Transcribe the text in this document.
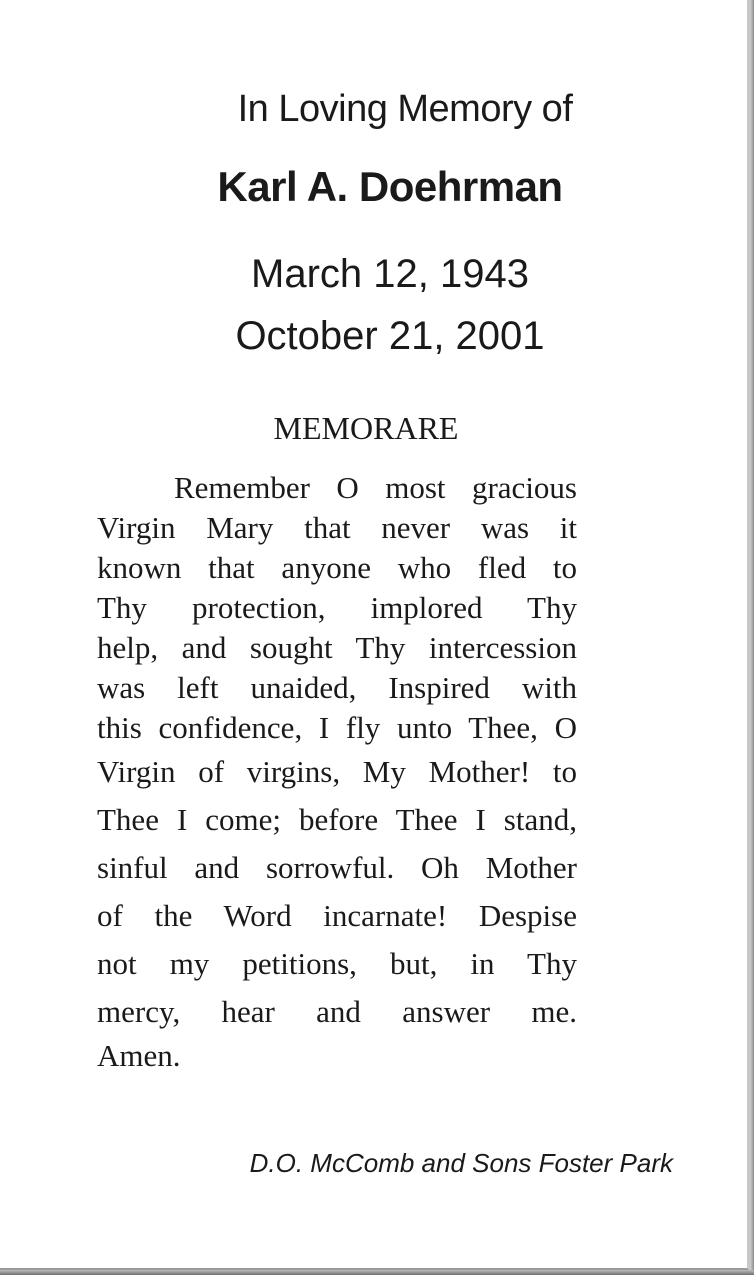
In Loving Memory of
Karl A. Doehrman
March 12, 1943
October 21, 2001
MEMORARE
Remember O most gracious
Virgin Mary that never was it
known that anyone who fled to
Thy protection, implored Thy
help, and sought Thy intercession
was left unaided, Inspired with
this confidence, I fly unto Thee, O
Virgin of virgins, My Mother! to
Thee I come; before Thee I stand,
sinful and sorrowful. Oh Mother
of the Word incarnate! Despise
not my petitions, but, in Thy
mercy, hear and answer me.
Amen.
D.O. McComb and Sons Foster Park
